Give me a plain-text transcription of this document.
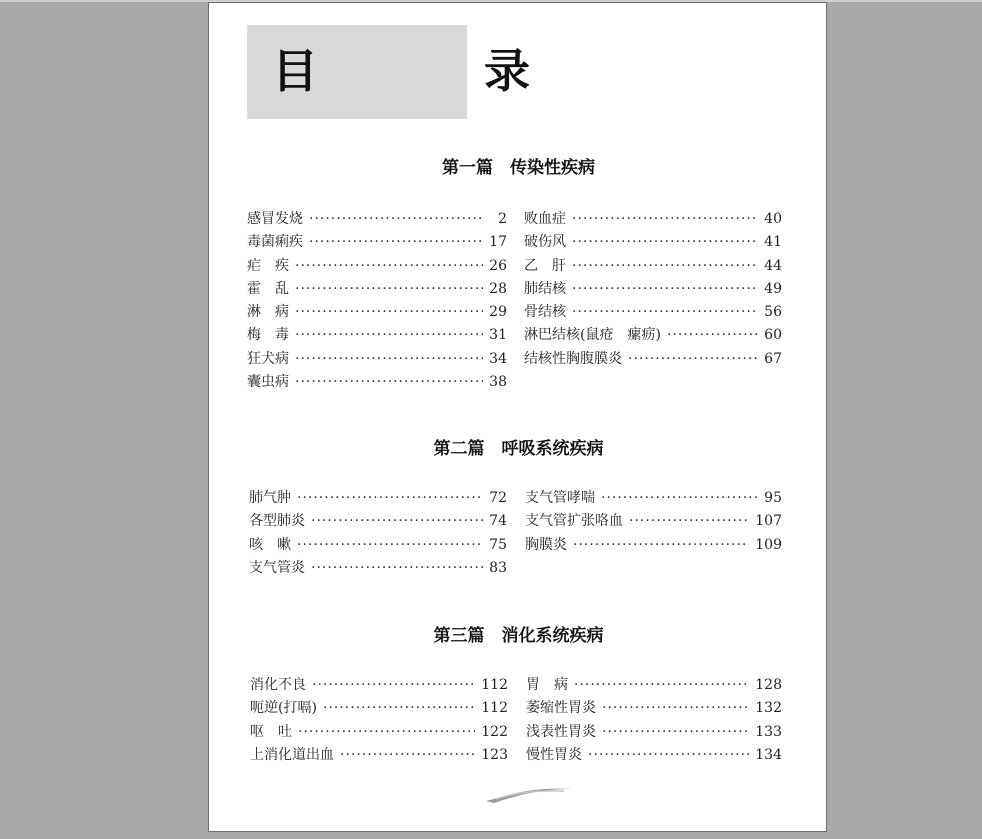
目　录
第一篇　传染性疾病
感冒发烧 ·····	2
毒菌痢疾 ·····	17
疟　疾 ·····	26
霍　乱 ·····	28
淋　病 ·····	29
梅　毒 ·····	31
狂犬病 ·····	34
囊虫病 ·····	38
败血症 ·····	40
破伤风 ·····	41
乙　肝 ·····	44
肺结核 ·····	49
骨结核 ·····	56
淋巴结核(鼠疮　瘰疬) ·····	60
结核性胸腹膜炎 ·····	67
第二篇　呼吸系统疾病
肺气肿 ·····	72
各型肺炎 ·····	74
咳　嗽 ·····	75
支气管炎 ·····	83
支气管哮喘 ·····	95
支气管扩张咯血 ·····	107
胸膜炎 ·····	109
第三篇　消化系统疾病
消化不良 ·····	112
呃逆(打嗝) ·····	112
呕　吐 ·····	122
上消化道出血 ·····	123
胃　病 ·····	128
萎缩性胃炎 ·····	132
浅表性胃炎 ·····	133
慢性胃炎 ·····	134
